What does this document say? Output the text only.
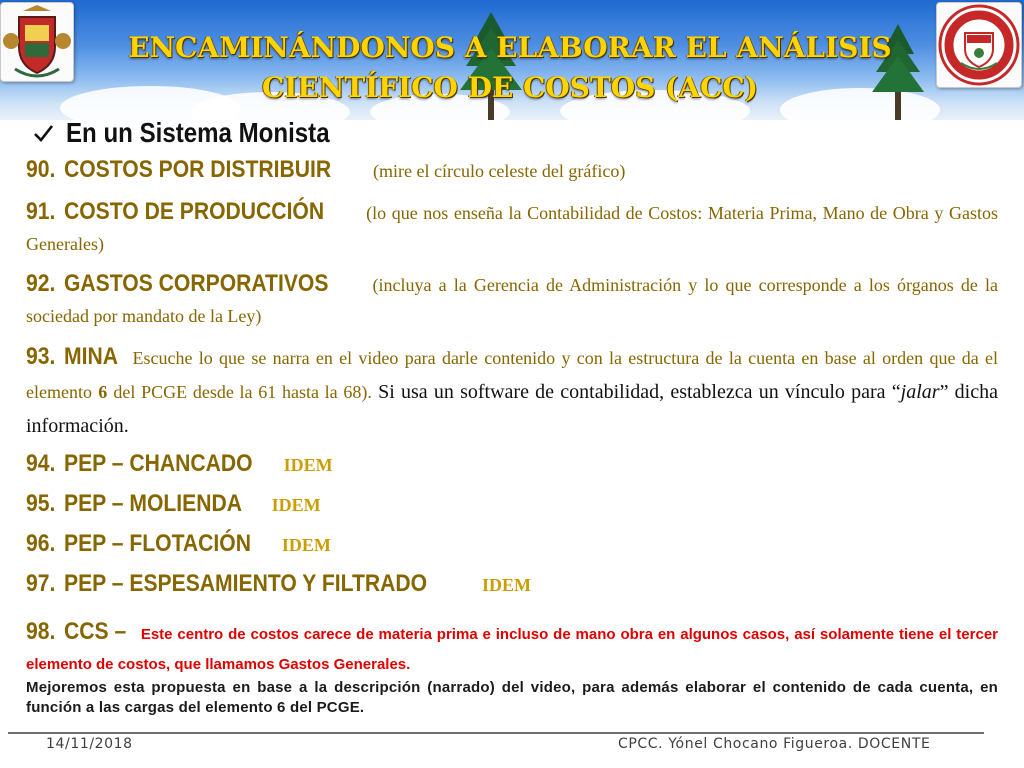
ENCAMINÁNDONOS A ELABORAR EL ANÁLISIS
CIENTÍFICO DE COSTOS (ACC)
En un Sistema Monista

90. COSTOS POR DISTRIBUIR (mire el círculo celeste del gráfico)

91. COSTO DE PRODUCCIÓN (lo que nos enseña la Contabilidad de Costos: Materia Prima, Mano de Obra y Gastos Generales)

92. GASTOS CORPORATIVOS (incluya a la Gerencia de Administración y lo que corresponde a los órganos de la sociedad por mandato de la Ley)

93. MINA Escuche lo que se narra en el video para darle contenido y con la estructura de la cuenta en base al orden que da el elemento 6 del PCGE desde la 61 hasta la 68). Si usa un software de contabilidad, establezca un vínculo para “jalar” dicha información.

94. PEP – CHANCADO IDEM

95. PEP – MOLIENDA IDEM

96. PEP – FLOTACIÓN IDEM

97. PEP – ESPESAMIENTO Y FILTRADO	IDEM

98. CCS – Este centro de costos carece de materia prima e incluso de mano obra en algunos casos, así solamente tiene el tercer elemento de costos, que llamamos Gastos Generales.

Mejoremos esta propuesta en base a la descripción (narrado) del video, para además elaborar el contenido de cada cuenta, en función a las cargas del elemento 6 del PCGE.
14/11/2018	CPCC. Yónel Chocano Figueroa. DOCENTE
